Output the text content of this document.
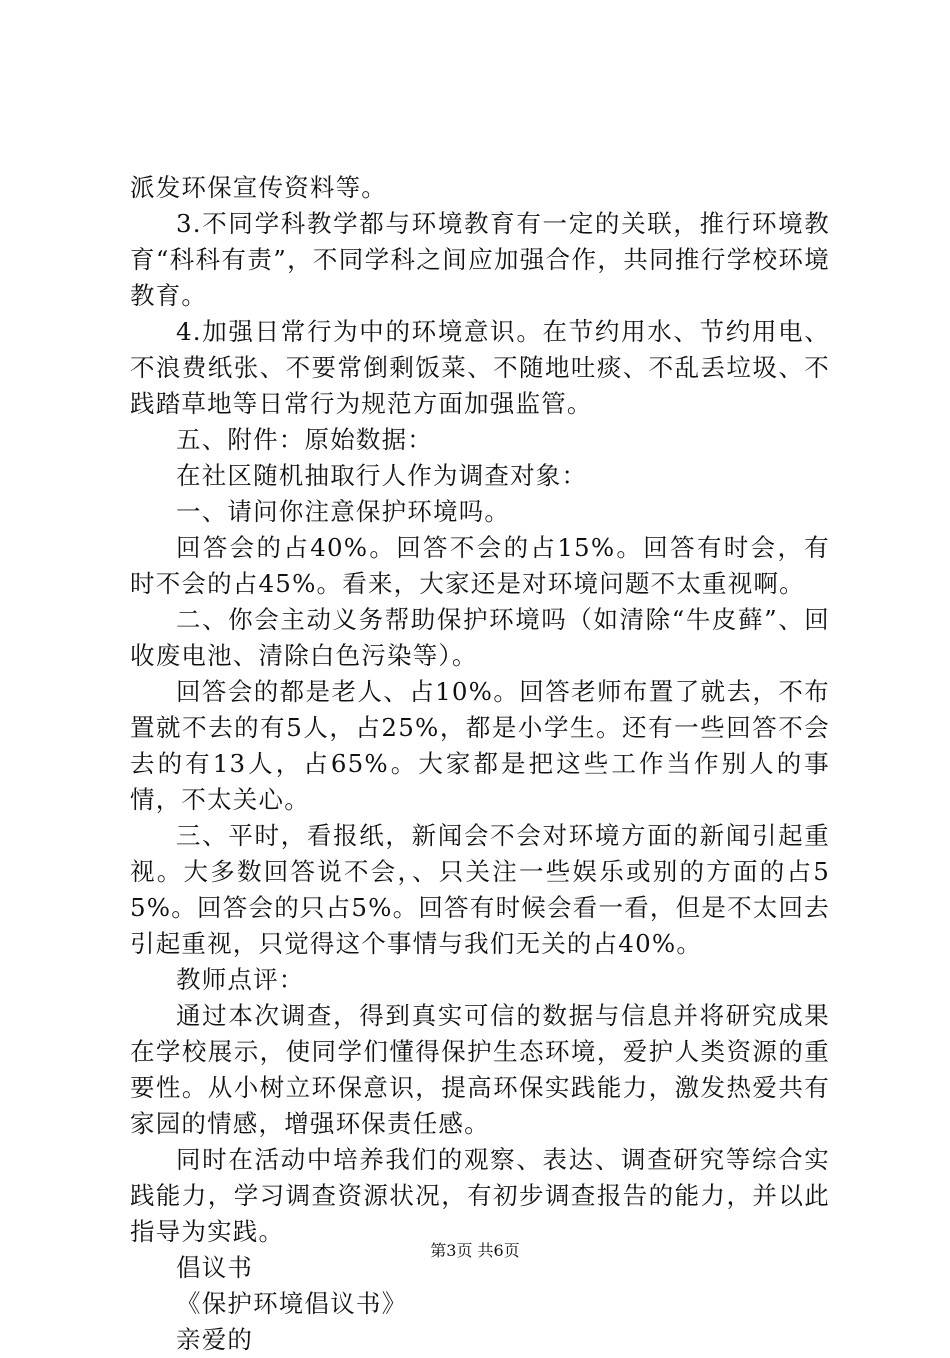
派发环保宣传资料等。

3.不同学科教学都与环境教育有一定的关联，推行环境教育“科科有责”，不同学科之间应加强合作，共同推行学校环境教育。

4.加强日常行为中的环境意识。在节约用水、节约用电、不浪费纸张、不要常倒剩饭菜、不随地吐痰、不乱丢垃圾、不践踏草地等日常行为规范方面加强监管。

五、附件：原始数据：

在社区随机抽取行人作为调查对象：

一、请问你注意保护环境吗。

回答会的占40%。回答不会的占15%。回答有时会，有时不会的占45%。看来，大家还是对环境问题不太重视啊。

二、你会主动义务帮助保护环境吗（如清除“牛皮藓”、回收废电池、清除白色污染等）。

回答会的都是老人、占10%。回答老师布置了就去，不布置就不去的有5人，占25%，都是小学生。还有一些回答不会去的有13人，占65%。大家都是把这些工作当作别人的事情，不太关心。

三、平时，看报纸，新闻会不会对环境方面的新闻引起重视。大多数回答说不会，、只关注一些娱乐或别的方面的占55%。回答会的只占5%。回答有时候会看一看，但是不太回去引起重视，只觉得这个事情与我们无关的占40%。

教师点评：

通过本次调查，得到真实可信的数据与信息并将研究成果在学校展示，使同学们懂得保护生态环境，爱护人类资源的重要性。从小树立环保意识，提高环保实践能力，激发热爱共有家园的情感，增强环保责任感。

同时在活动中培养我们的观察、表达、调查研究等综合实践能力，学习调查资源状况，有初步调查报告的能力，并以此指导为实践。

倡议书

《保护环境倡议书》

亲爱的

第3页 共6页
